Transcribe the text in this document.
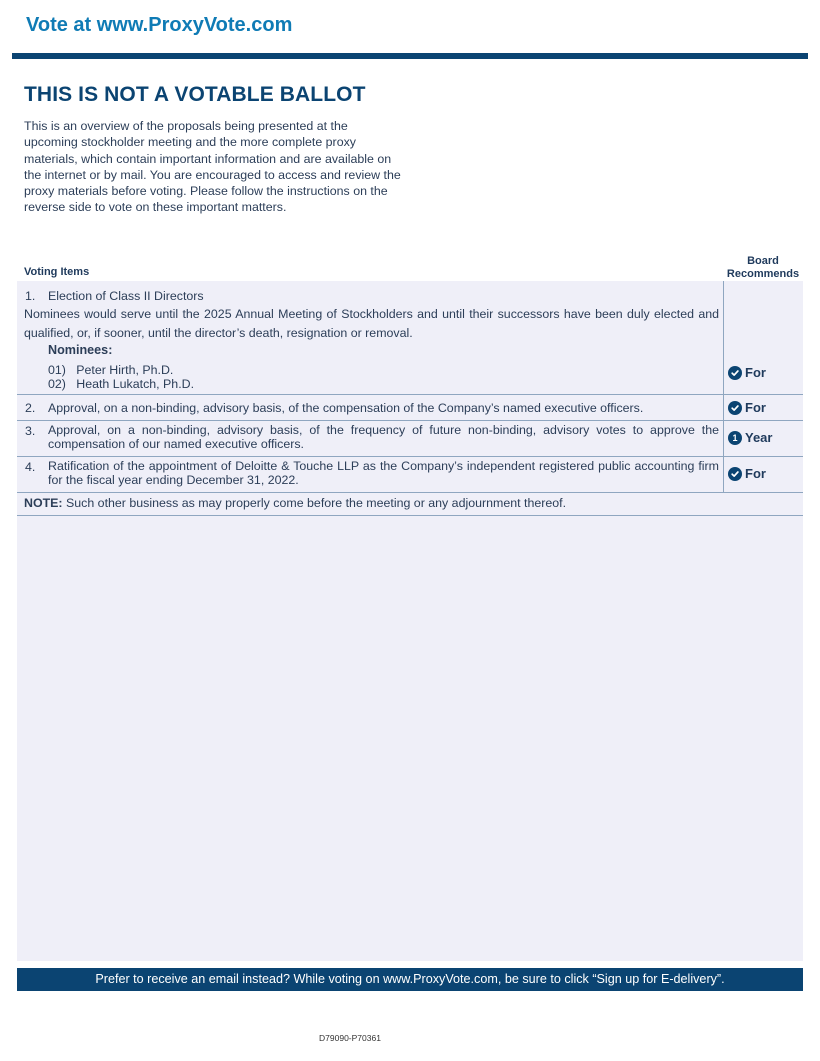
Vote at www.ProxyVote.com
THIS IS NOT A VOTABLE BALLOT
This is an overview of the proposals being presented at the upcoming stockholder meeting and the more complete proxy materials, which contain important information and are available on the internet or by mail. You are encouraged to access and review the proxy materials before voting. Please follow the instructions on the reverse side to vote on these important matters.
Voting Items
Board Recommends
1. Election of Class II Directors
Nominees would serve until the 2025 Annual Meeting of Stockholders and until their successors have been duly elected and qualified, or, if sooner, until the director’s death, resignation or removal.
Nominees:
01) Peter Hirth, Ph.D.
02) Heath Lukatch, Ph.D.
For
2. Approval, on a non-binding, advisory basis, of the compensation of the Company’s named executive officers.	For
3. Approval, on a non-binding, advisory basis, of the frequency of future non-binding, advisory votes to approve the compensation of our named executive officers.	1 Year
4. Ratification of the appointment of Deloitte & Touche LLP as the Company’s independent registered public accounting firm for the fiscal year ending December 31, 2022.	For
NOTE: Such other business as may properly come before the meeting or any adjournment thereof.
Prefer to receive an email instead? While voting on www.ProxyVote.com, be sure to click “Sign up for E-delivery”.
D79090-P70361
